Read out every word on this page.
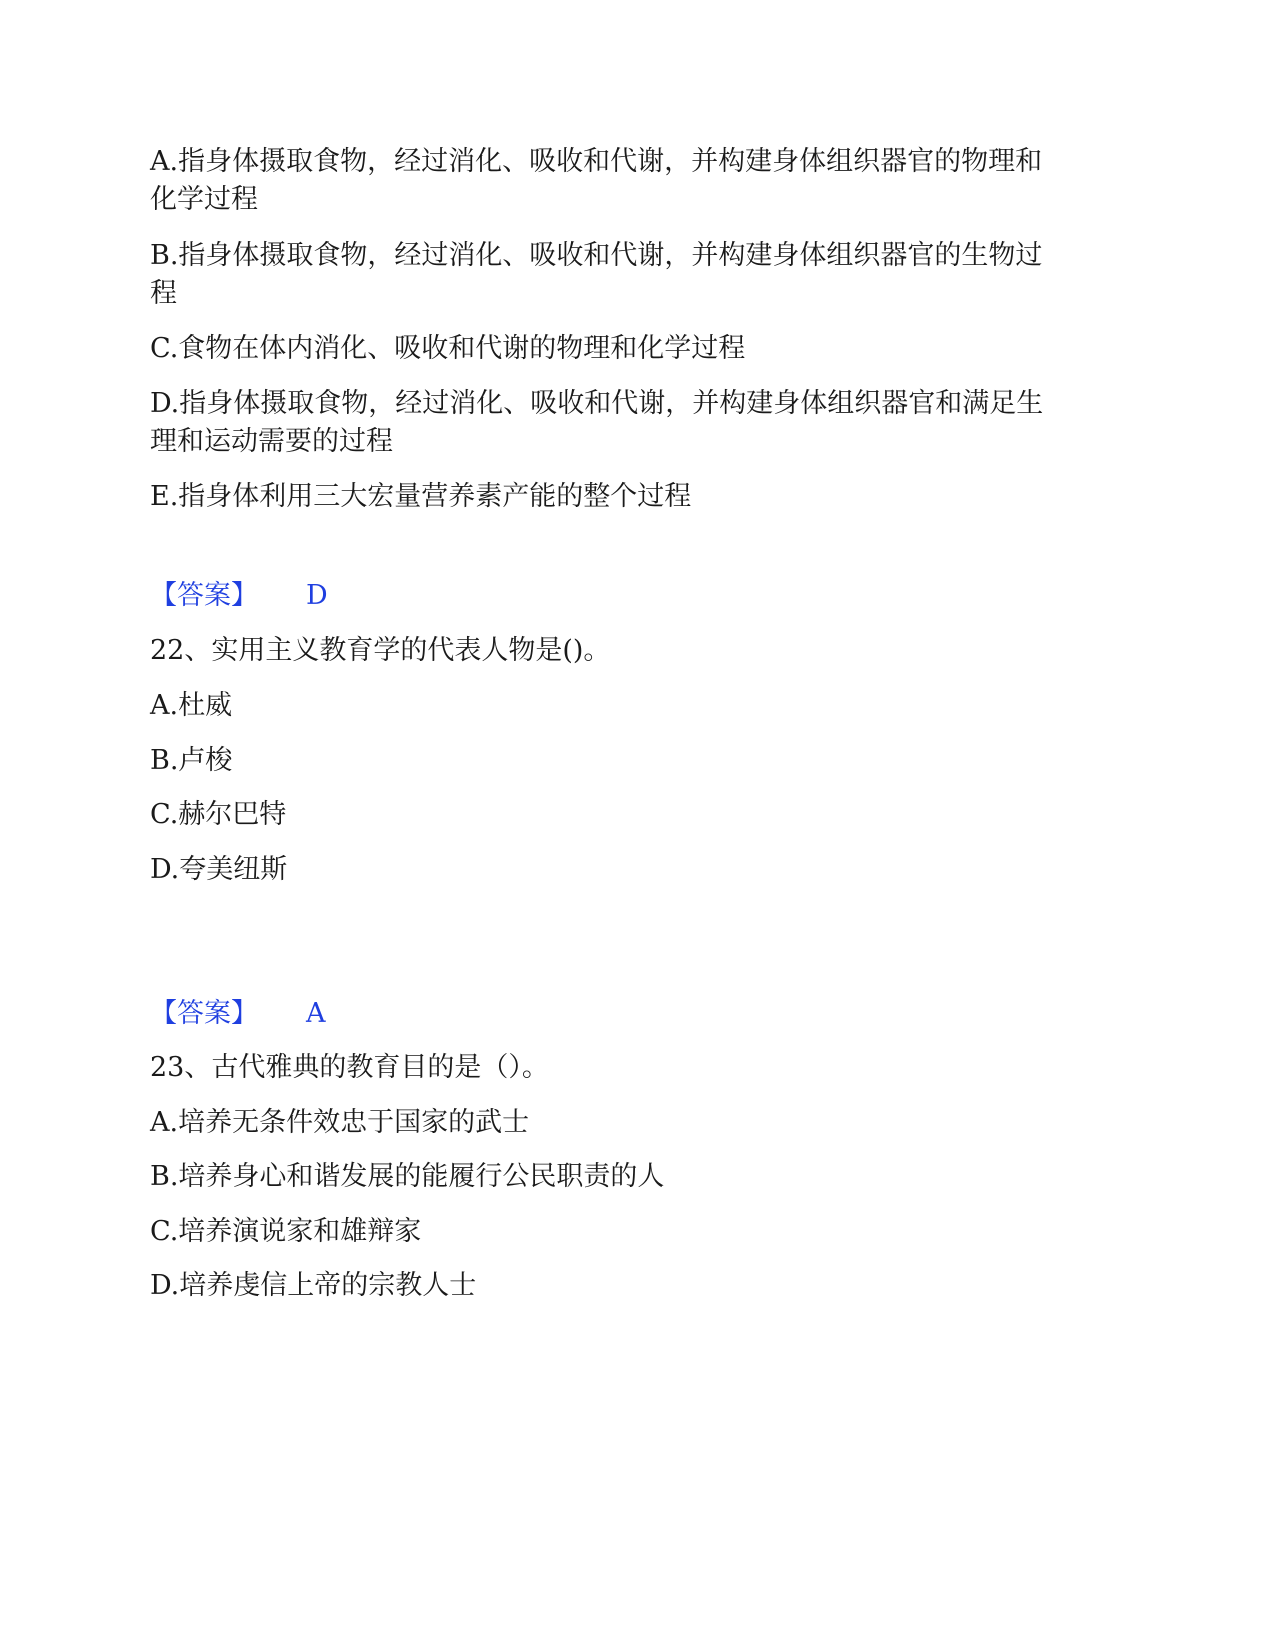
A.指身体摄取食物，经过消化、吸收和代谢，并构建身体组织器官的物理和
化学过程
B.指身体摄取食物，经过消化、吸收和代谢，并构建身体组织器官的生物过
程
C.食物在体内消化、吸收和代谢的物理和化学过程
D.指身体摄取食物，经过消化、吸收和代谢，并构建身体组织器官和满足生
理和运动需要的过程
E.指身体利用三大宏量营养素产能的整个过程
【答案】 D
22、实用主义教育学的代表人物是()。
A.杜威
B.卢梭
C.赫尔巴特
D.夸美纽斯
【答案】 A
23、古代雅典的教育目的是（）。
A.培养无条件效忠于国家的武士
B.培养身心和谐发展的能履行公民职责的人
C.培养演说家和雄辩家
D.培养虔信上帝的宗教人士
